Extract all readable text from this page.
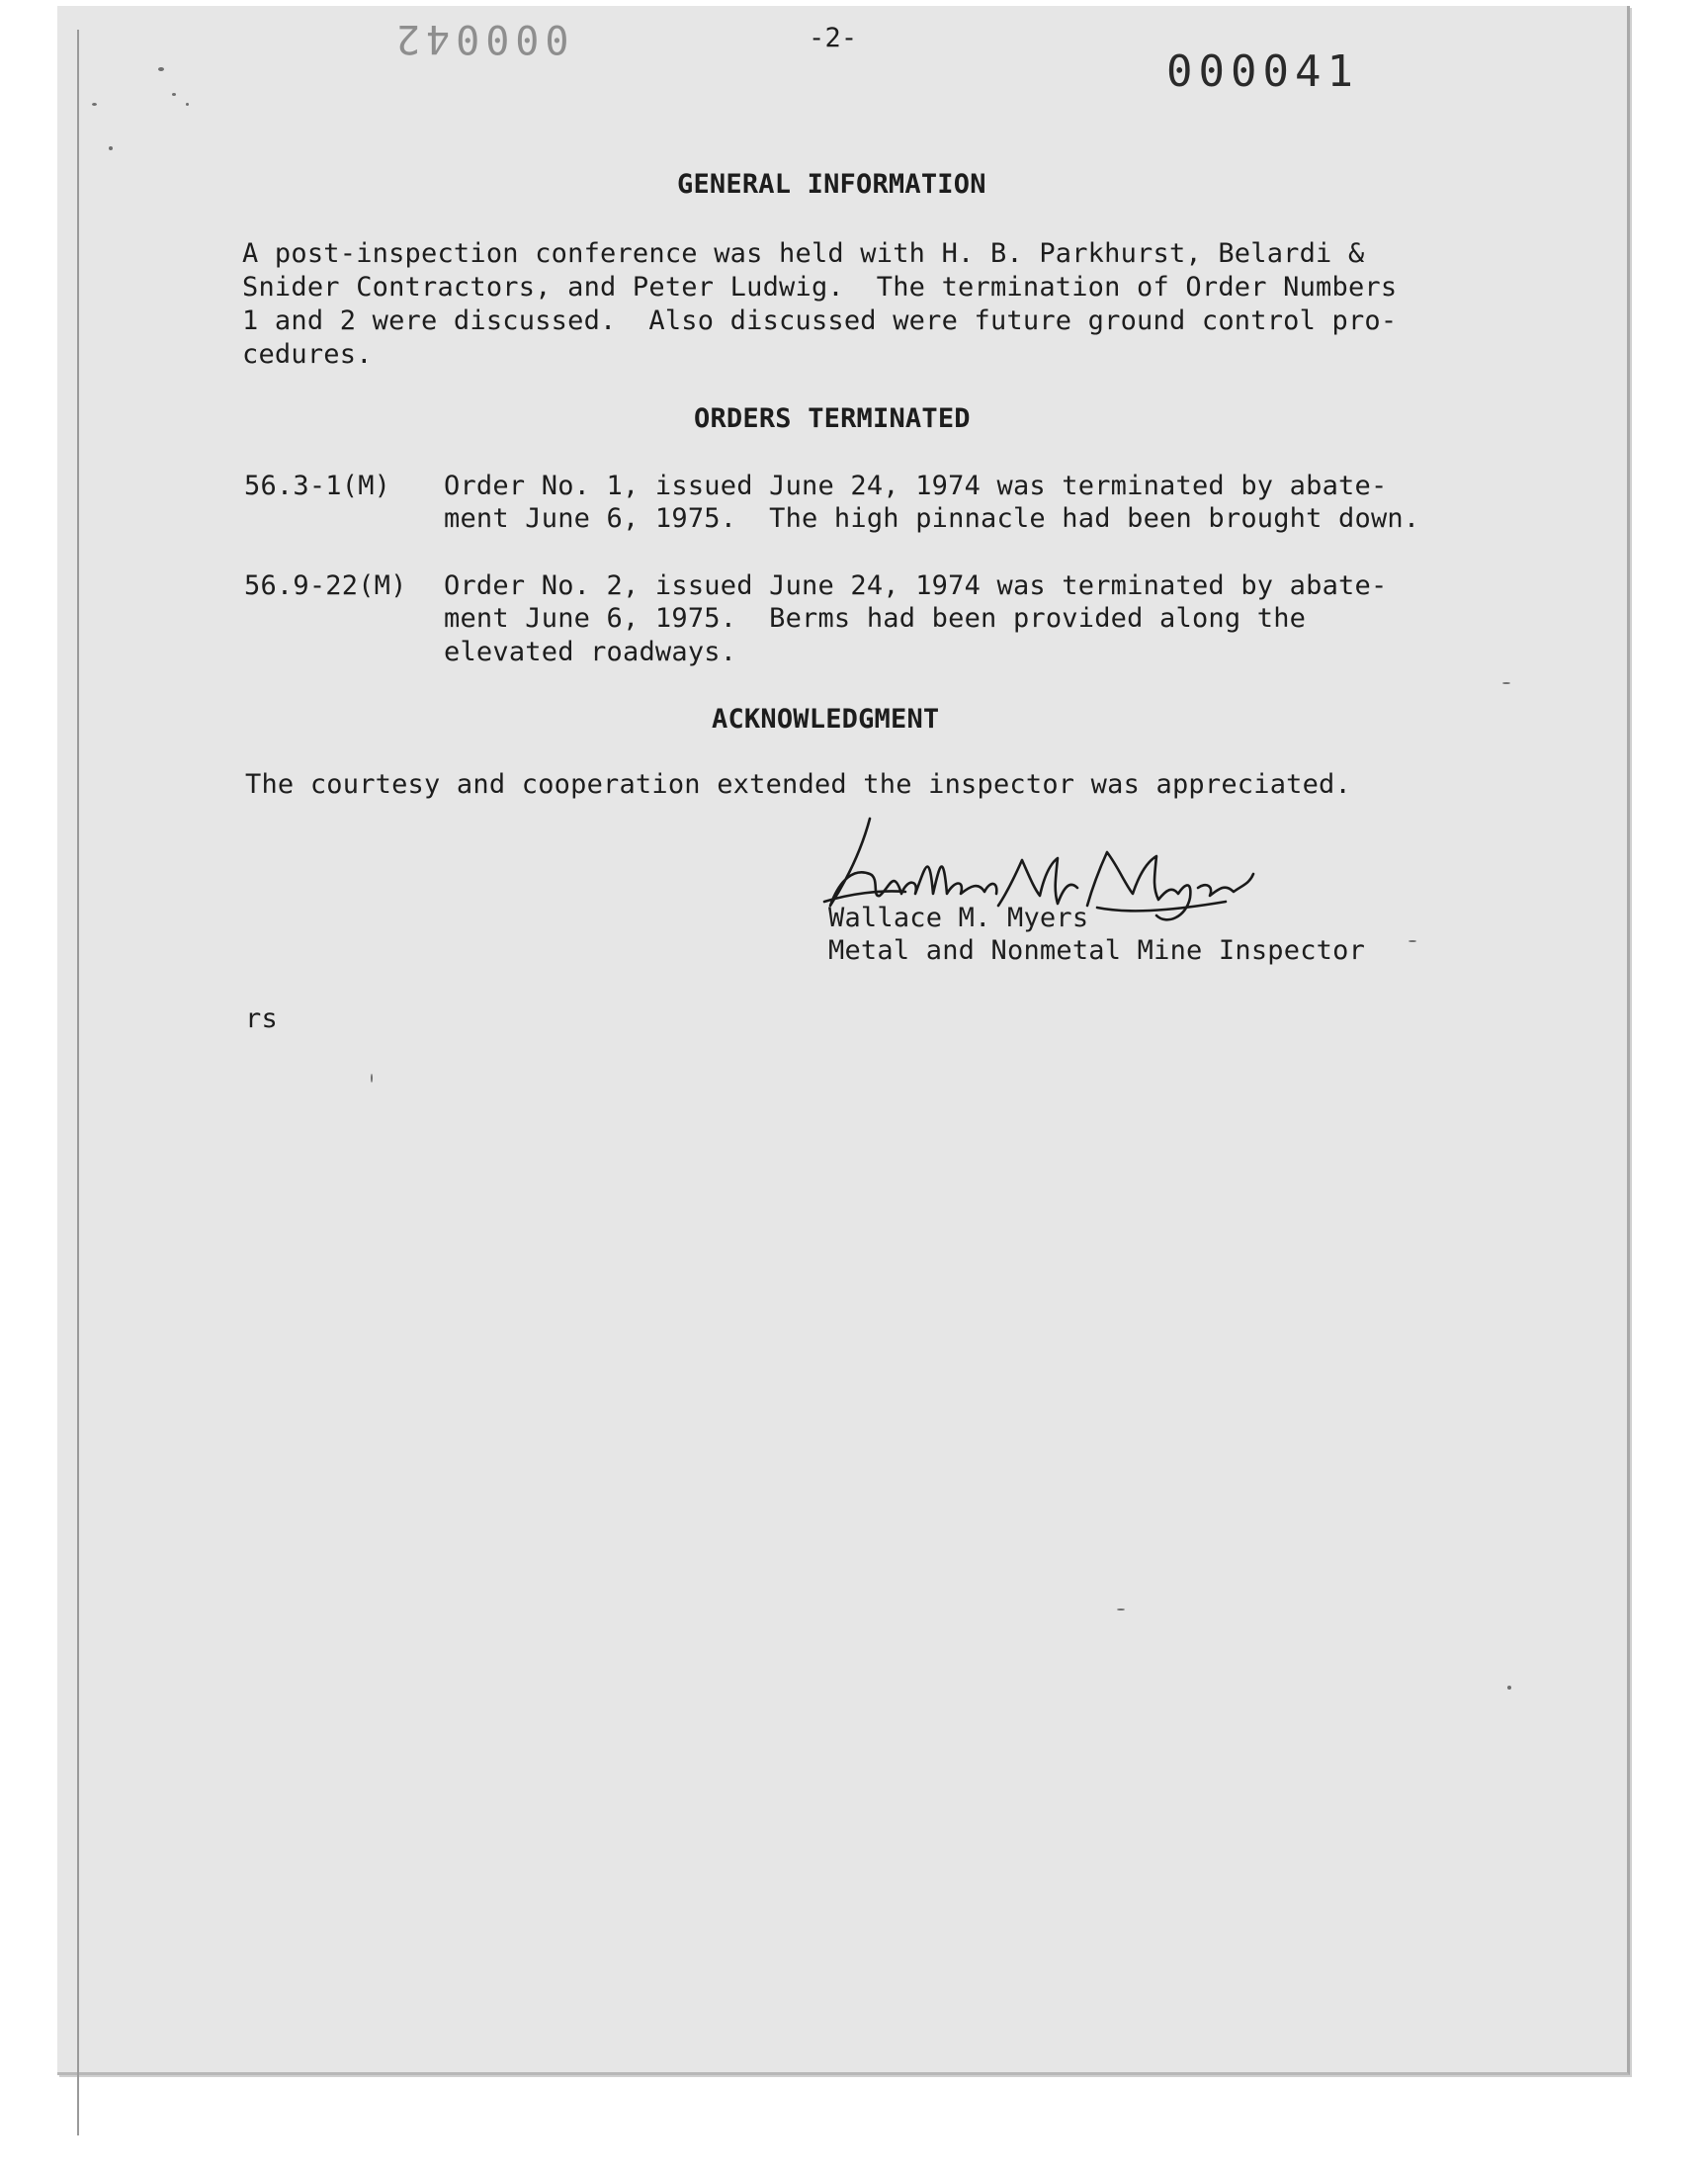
-2-
000042
000041
GENERAL INFORMATION
A post-inspection conference was held with H. B. Parkhurst, Belardi &
Snider Contractors, and Peter Ludwig.  The termination of Order Numbers
1 and 2 were discussed.  Also discussed were future ground control pro-
cedures.
ORDERS TERMINATED
56.3-1(M) Order No. 1, issued June 24, 1974 was terminated by abate-
ment June 6, 1975.  The high pinnacle had been brought down.
56.9-22(M) Order No. 2, issued June 24, 1974 was terminated by abate-
ment June 6, 1975.  Berms had been provided along the
elevated roadways.
ACKNOWLEDGMENT
The courtesy and cooperation extended the inspector was appreciated.
Wallace M. Myers
Metal and Nonmetal Mine Inspector
rs
